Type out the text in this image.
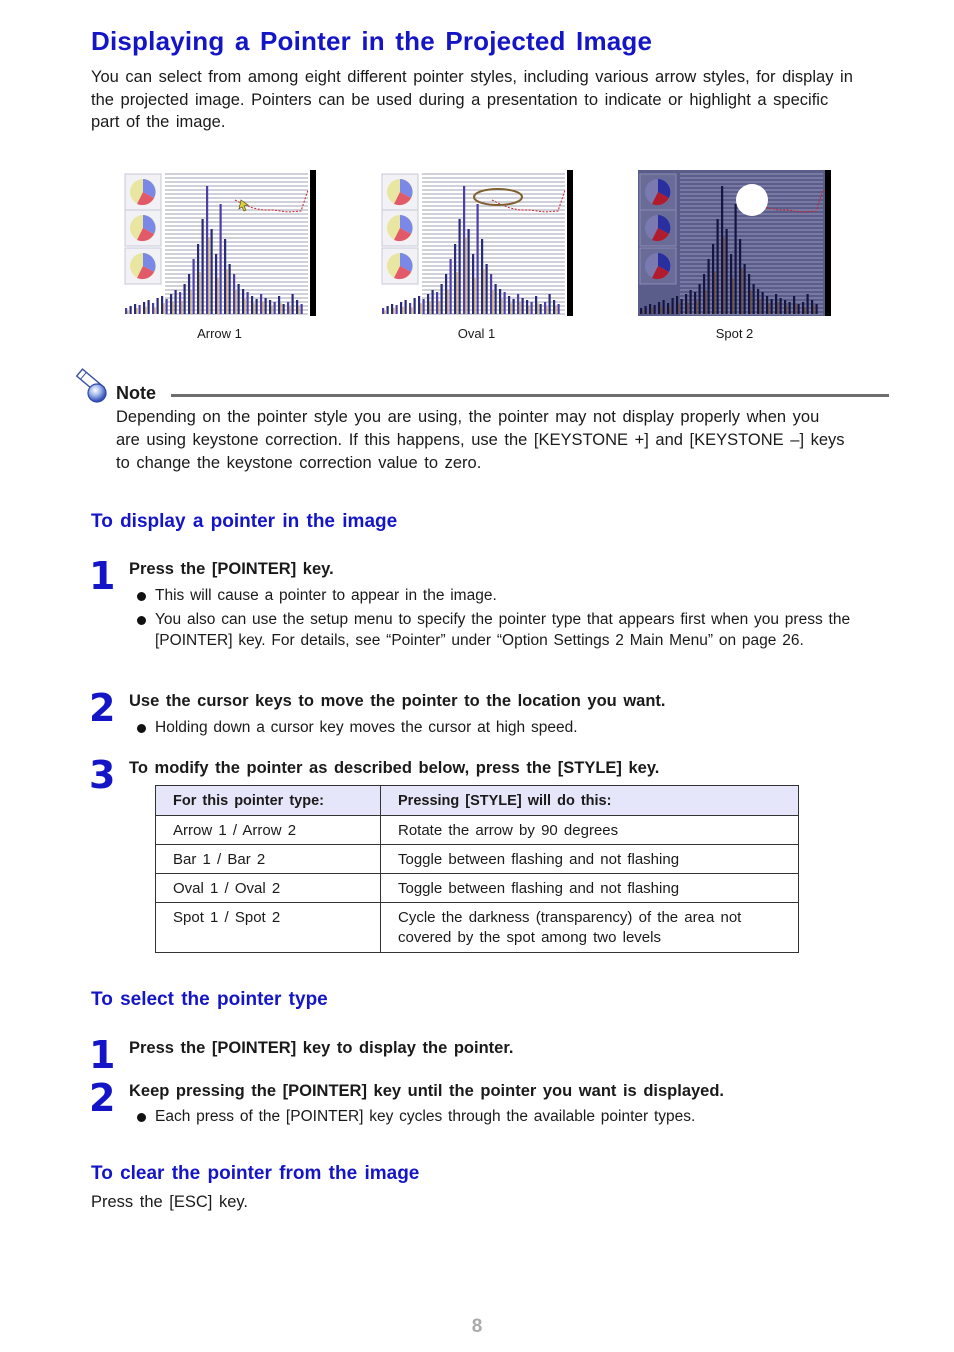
Displaying a Pointer in the Projected Image
You can select from among eight different pointer styles, including various arrow styles, for display in the projected image. Pointers can be used during a presentation to indicate or highlight a specific part of the image.
Arrow 1	Oval 1	Spot 2
Note
Depending on the pointer style you are using, the pointer may not display properly when you are using keystone correction. If this happens, use the [KEYSTONE +] and [KEYSTONE –] keys to change the keystone correction value to zero.
To display a pointer in the image
1 Press the [POINTER] key.
This will cause a pointer to appear in the image.
You also can use the setup menu to specify the pointer type that appears first when you press the [POINTER] key. For details, see “Pointer” under “Option Settings 2 Main Menu” on page 26.
2 Use the cursor keys to move the pointer to the location you want.
Holding down a cursor key moves the cursor at high speed.
3 To modify the pointer as described below, press the [STYLE] key.
For this pointer type:	Pressing [STYLE] will do this:
Arrow 1 / Arrow 2	Rotate the arrow by 90 degrees
Bar 1 / Bar 2	Toggle between flashing and not flashing
Oval 1 / Oval 2	Toggle between flashing and not flashing
Spot 1 / Spot 2	Cycle the darkness (transparency) of the area not covered by the spot among two levels
To select the pointer type
1 Press the [POINTER] key to display the pointer.
2 Keep pressing the [POINTER] key until the pointer you want is displayed.
Each press of the [POINTER] key cycles through the available pointer types.
To clear the pointer from the image
Press the [ESC] key.
8
